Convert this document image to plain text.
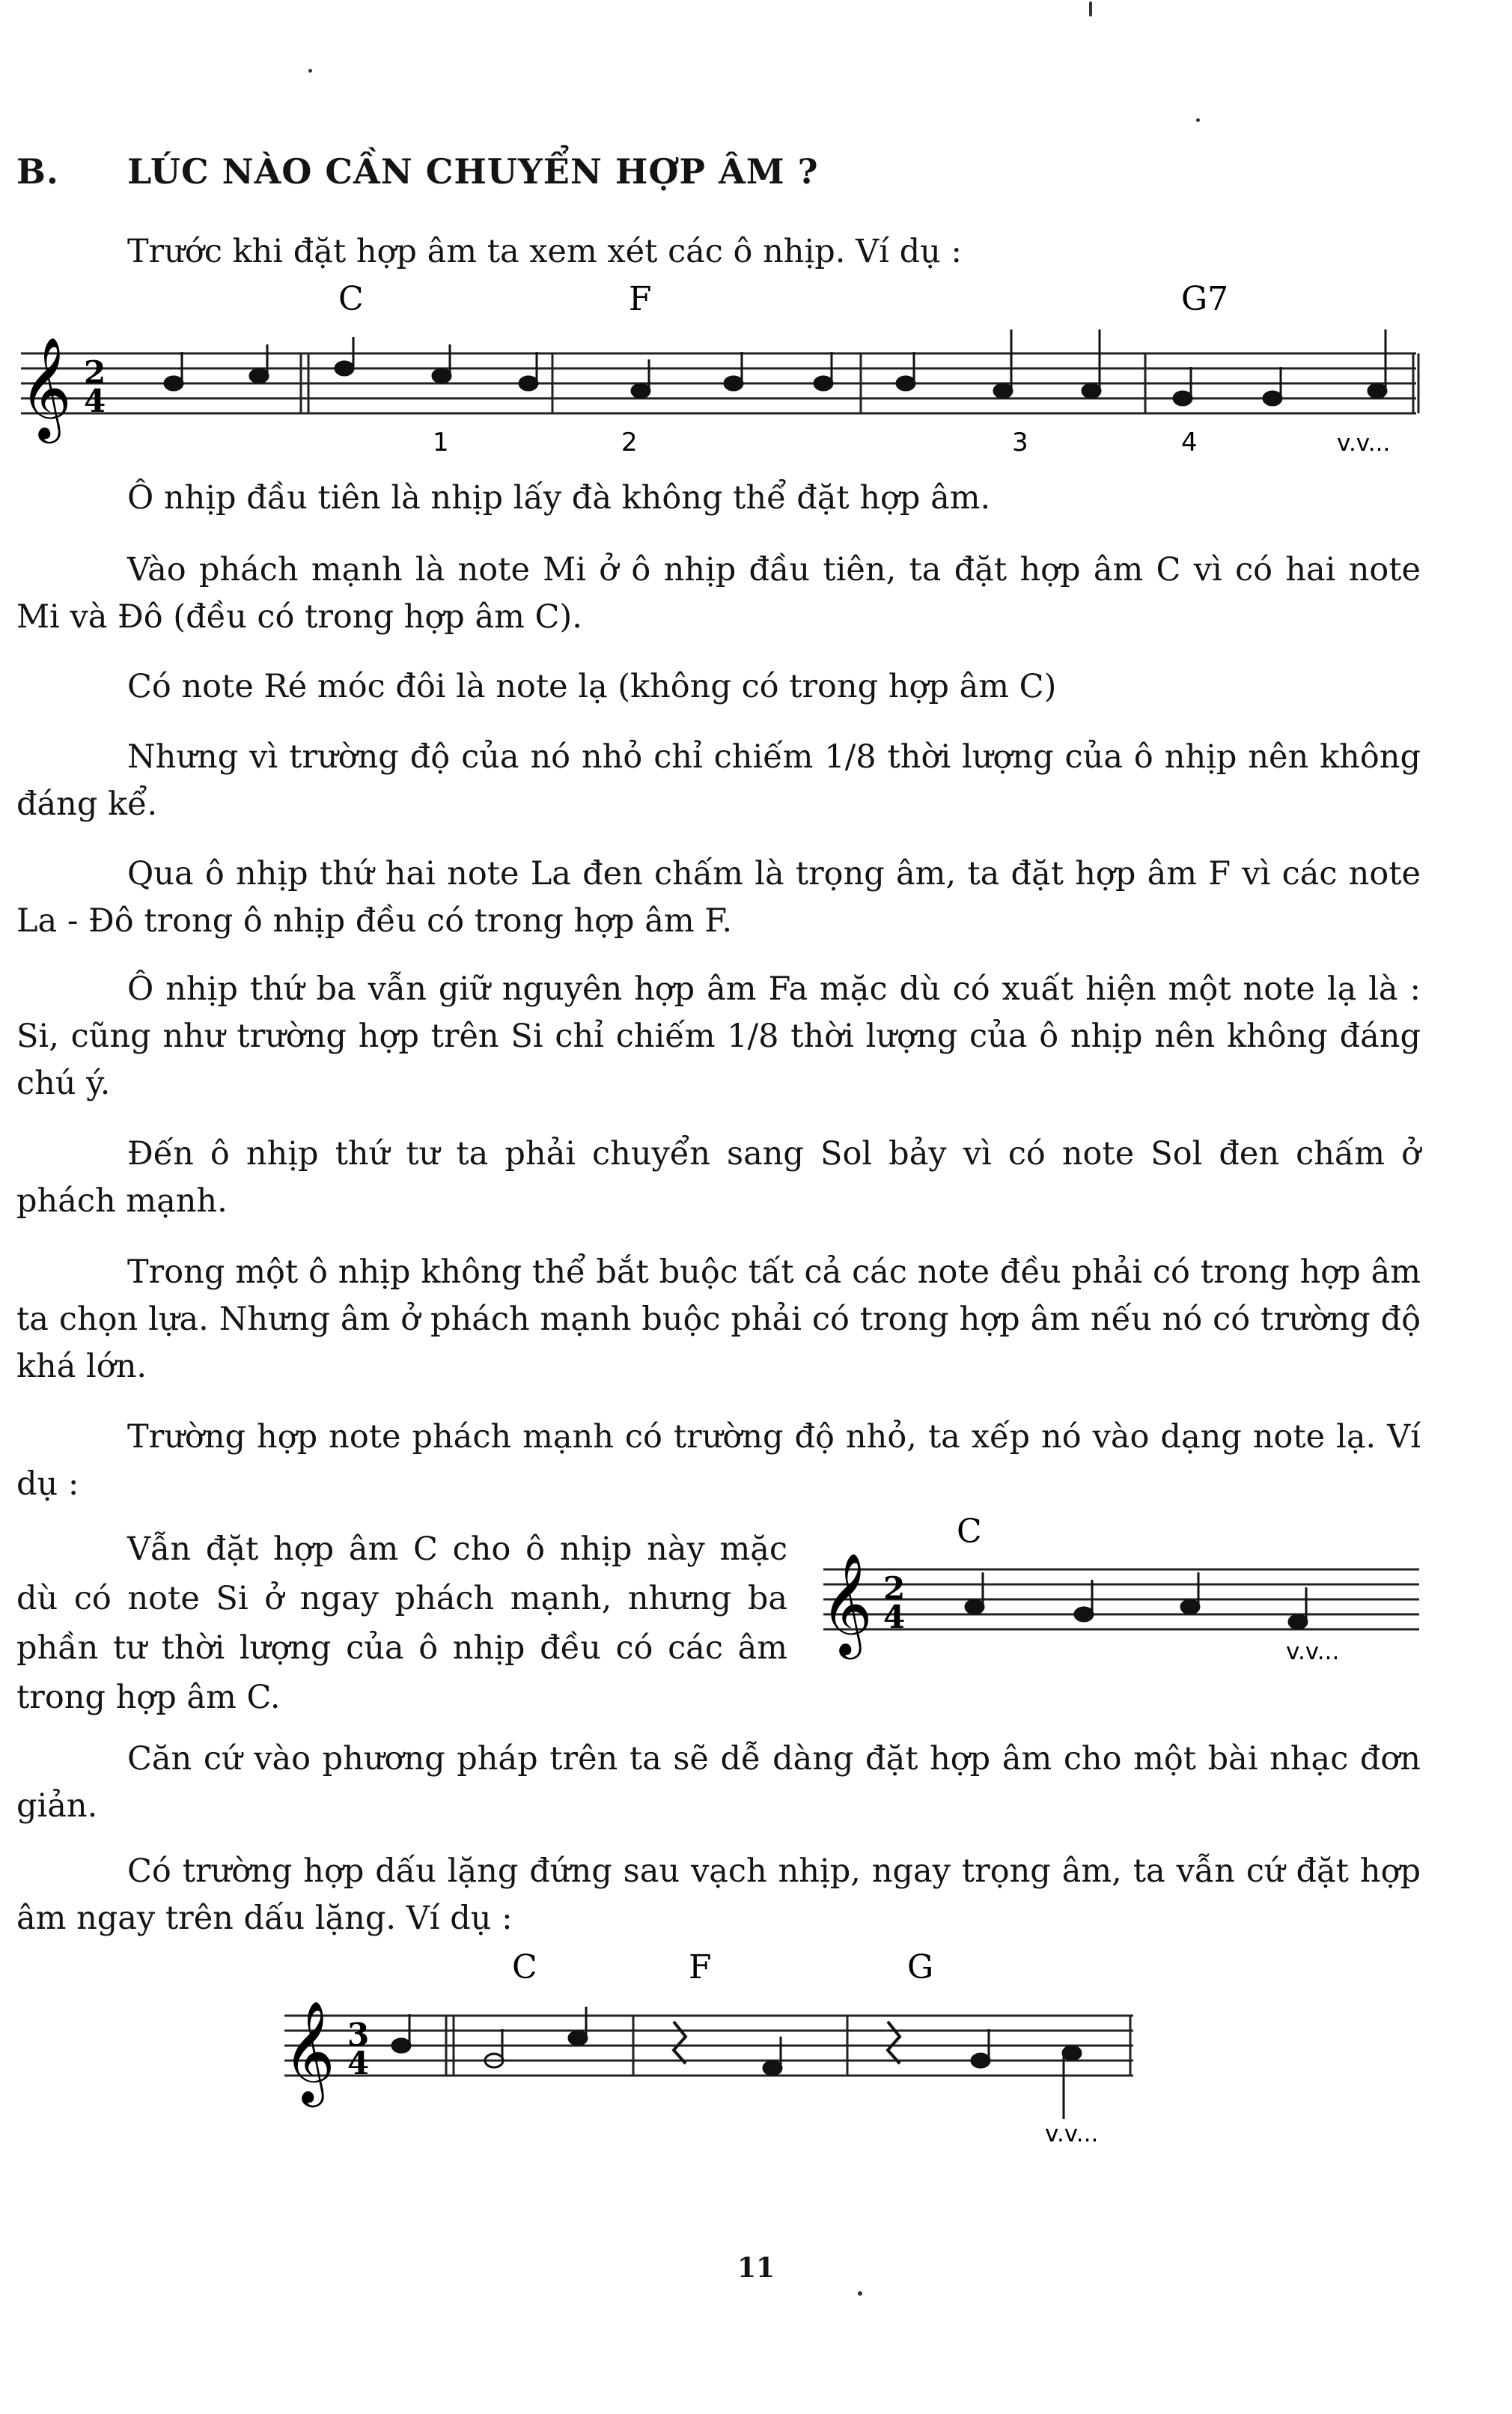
B. LÚC NÀO CẦN CHUYỂN HỢP ÂM ?

Trước khi đặt hợp âm ta xem xét các ô nhịp. Ví dụ :

𝄞 2
4
C	F	G7
1	2	3	4	v.v...

Ô nhịp đầu tiên là nhịp lấy đà không thể đặt hợp âm.

Vào phách mạnh là note Mi ở ô nhịp đầu tiên, ta đặt hợp âm C vì có hai note Mi và Đô (đều có trong hợp âm C).

Có note Ré móc đôi là note lạ (không có trong hợp âm C)

Nhưng vì trường độ của nó nhỏ chỉ chiếm 1/8 thời lượng của ô nhịp nên không đáng kể.

Qua ô nhịp thứ hai note La đen chấm là trọng âm, ta đặt hợp âm F vì các note La - Đô trong ô nhịp đều có trong hợp âm F.

Ô nhịp thứ ba vẫn giữ nguyên hợp âm Fa mặc dù có xuất hiện một note lạ là : Si, cũng như trường hợp trên Si chỉ chiếm 1/8 thời lượng của ô nhịp nên không đáng chú ý.

Đến ô nhịp thứ tư ta phải chuyển sang Sol bảy vì có note Sol đen chấm ở phách mạnh.

Trong một ô nhịp không thể bắt buộc tất cả các note đều phải có trong hợp âm ta chọn lựa. Nhưng âm ở phách mạnh buộc phải có trong hợp âm nếu nó có trường độ khá lớn.

Trường hợp note phách mạnh có trường độ nhỏ, ta xếp nó vào dạng note lạ. Ví dụ :

Vẫn đặt hợp âm C cho ô nhịp này mặc dù có note Si ở ngay phách mạnh, nhưng ba phần tư thời lượng của ô nhịp đều có các âm trong hợp âm C.

𝄞 2
4
C
v.v...

Căn cứ vào phương pháp trên ta sẽ dễ dàng đặt hợp âm cho một bài nhạc đơn giản.

Có trường hợp dấu lặng đứng sau vạch nhịp, ngay trọng âm, ta vẫn cứ đặt hợp âm ngay trên dấu lặng. Ví dụ :

𝄞 3
4
C	F	G
v.v...
11
